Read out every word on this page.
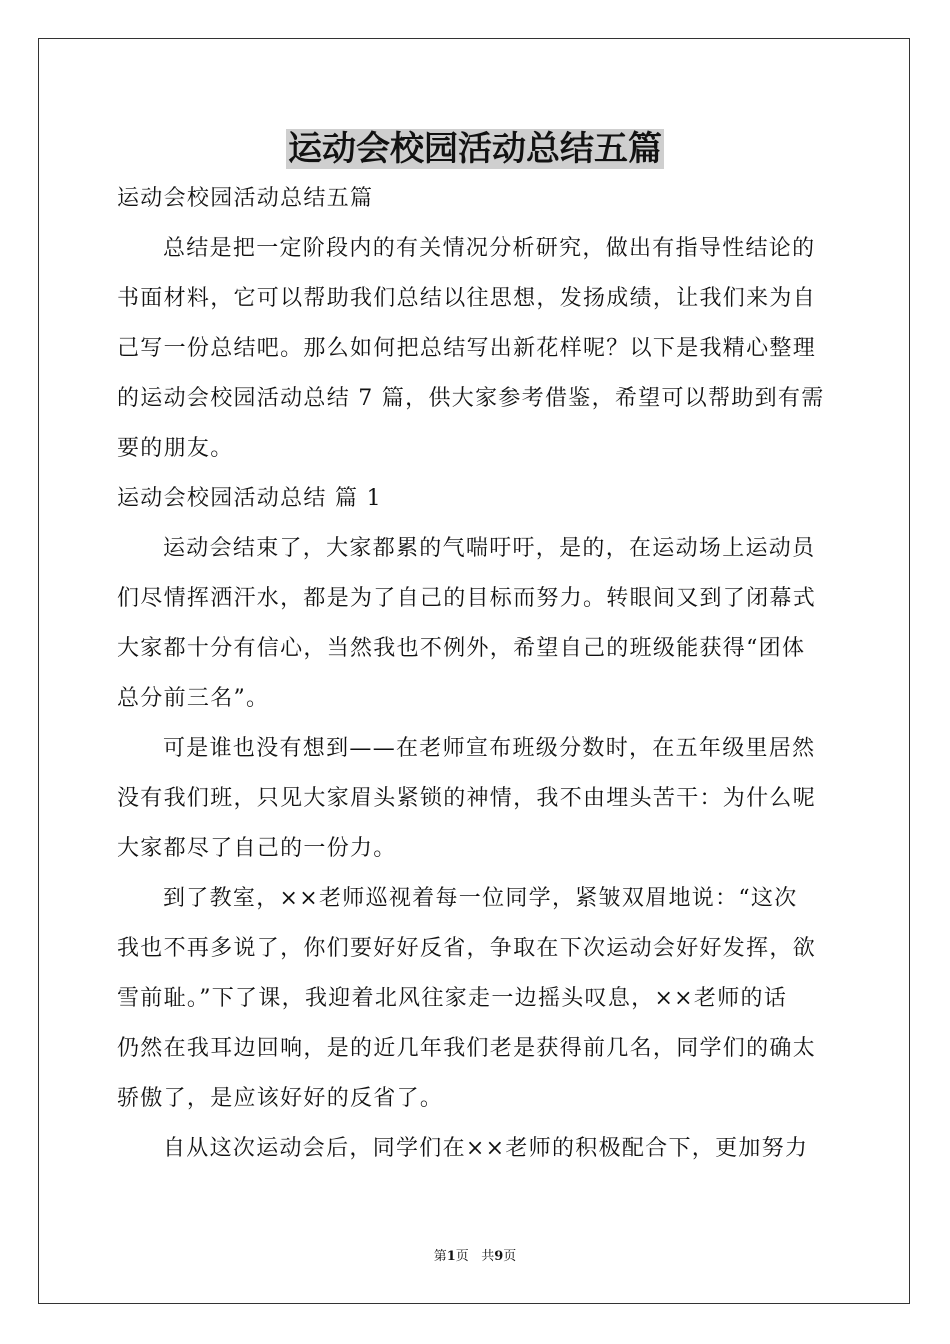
运动会校园活动总结五篇
运动会校园活动总结五篇
总结是把一定阶段内的有关情况分析研究，做出有指导性结论的
书面材料，它可以帮助我们总结以往思想，发扬成绩，让我们来为自
己写一份总结吧。那么如何把总结写出新花样呢？以下是我精心整理
的运动会校园活动总结 7 篇，供大家参考借鉴，希望可以帮助到有需
要的朋友。
运动会校园活动总结 篇 1
运动会结束了，大家都累的气喘吁吁，是的，在运动场上运动员
们尽情挥洒汗水，都是为了自己的目标而努力。转眼间又到了闭幕式
大家都十分有信心，当然我也不例外，希望自己的班级能获得“团体
总分前三名”。
可是谁也没有想到——在老师宣布班级分数时，在五年级里居然
没有我们班，只见大家眉头紧锁的神情，我不由埋头苦干：为什么呢
大家都尽了自己的一份力。
到了教室，××老师巡视着每一位同学，紧皱双眉地说：“这次
我也不再多说了，你们要好好反省，争取在下次运动会好好发挥，欲
雪前耻。”下了课，我迎着北风往家走一边摇头叹息，××老师的话
仍然在我耳边回响，是的近几年我们老是获得前几名，同学们的确太
骄傲了，是应该好好的反省了。
自从这次运动会后，同学们在××老师的积极配合下，更加努力
第1页 共9页
